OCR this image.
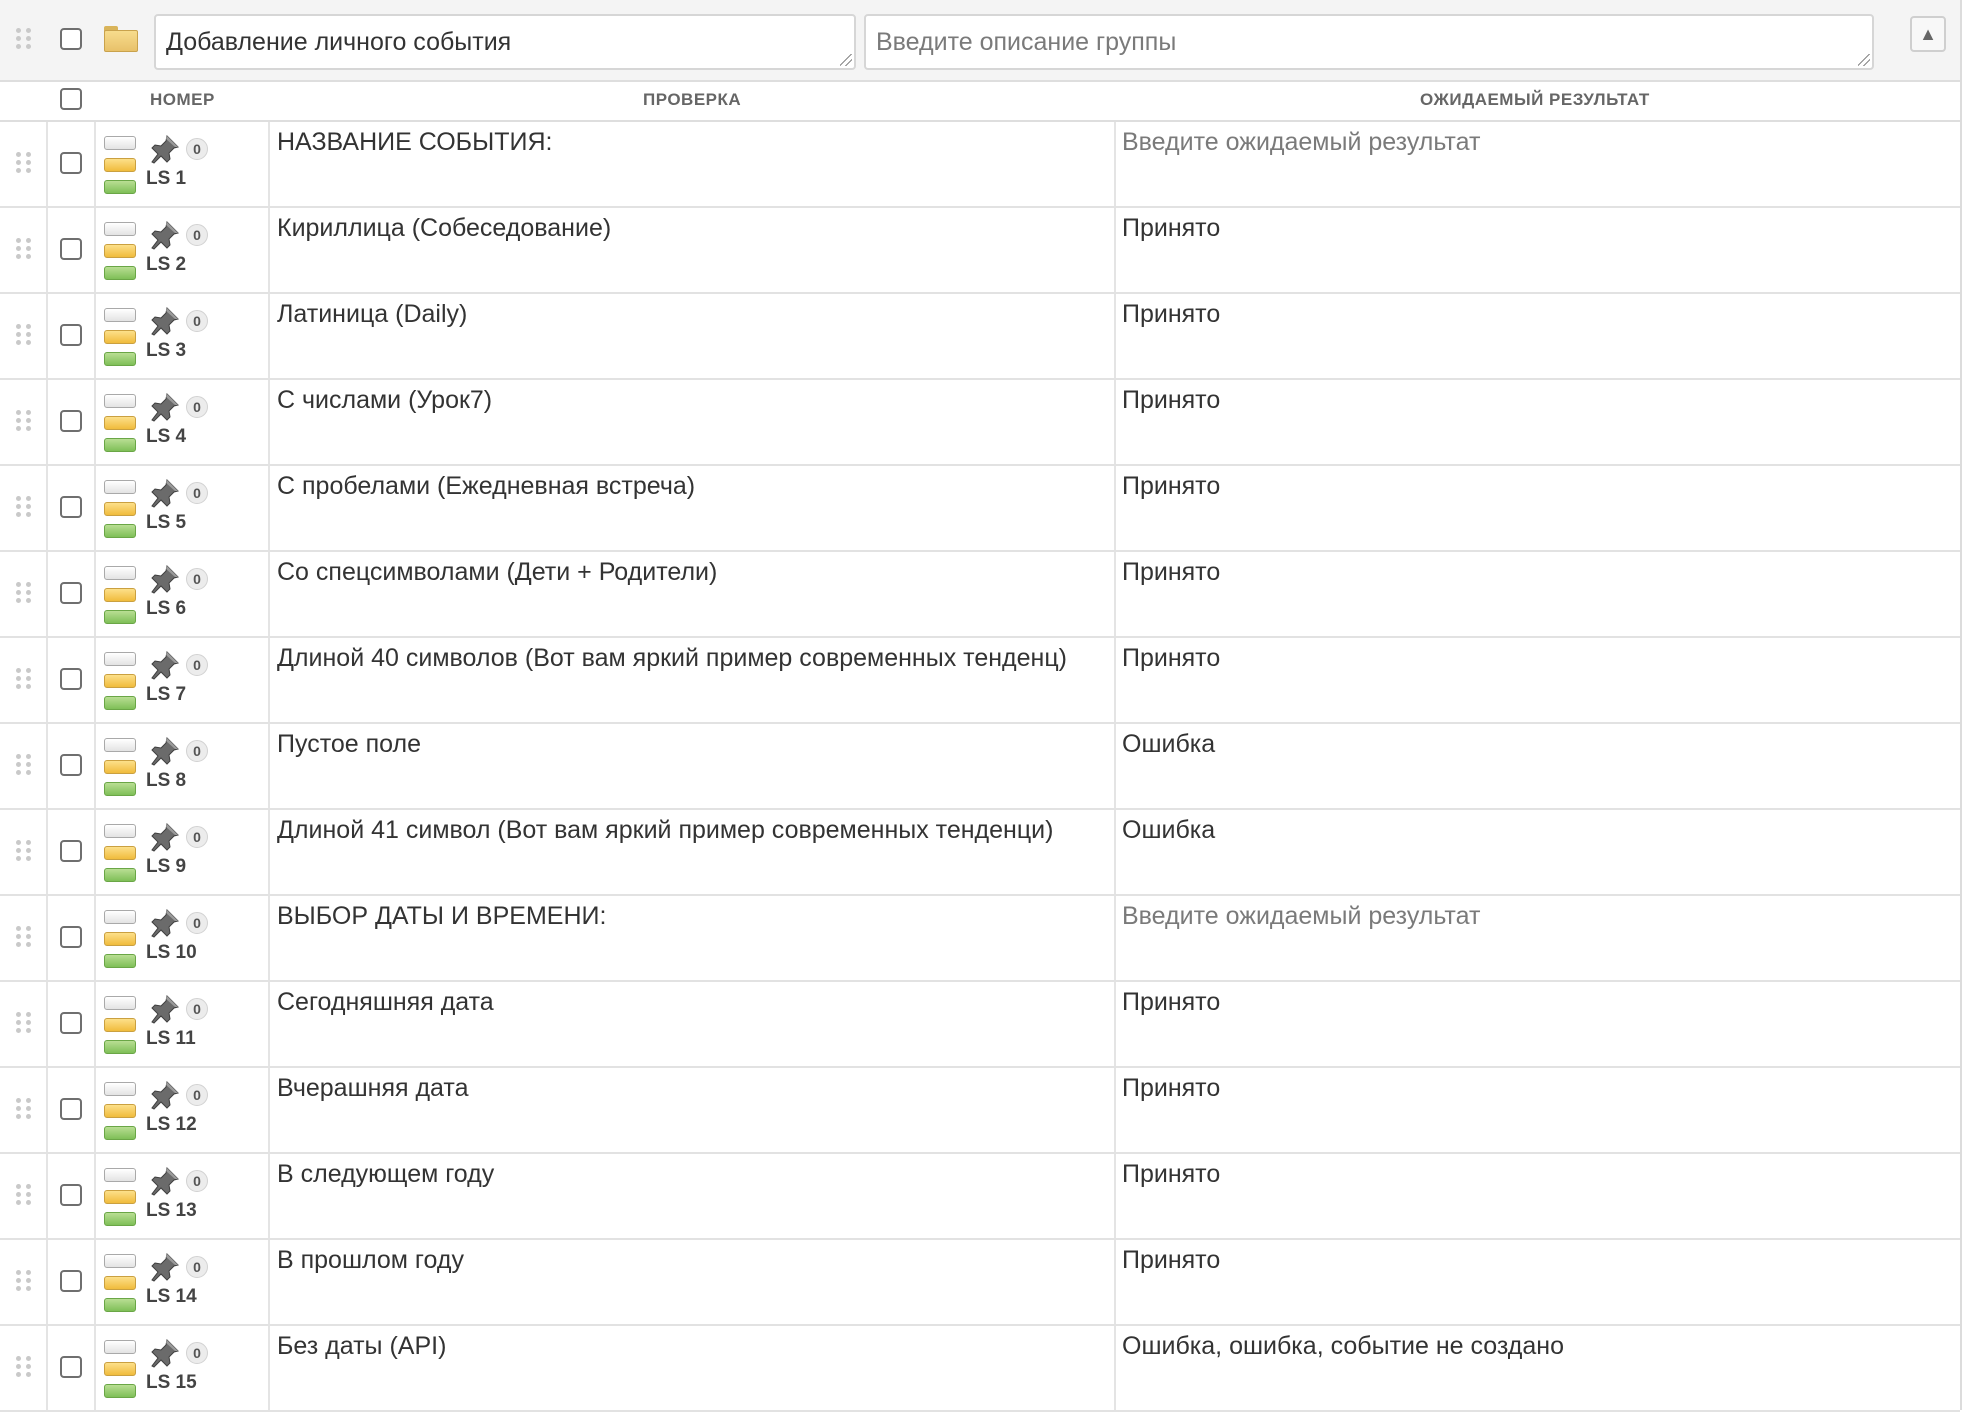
Добавление личного события	Введите описание группы	▲
НОМЕР	ПРОВЕРКА	ОЖИДАЕМЫЙ РЕЗУЛЬТАТ
0
LS 1
НАЗВАНИЕ СОБЫТИЯ:	Введите ожидаемый результат
0
LS 2
Кириллица (Собеседование)	Принято
0
LS 3
Латиница (Daily)	Принято
0
LS 4
С числами (Урок7)	Принято
0
LS 5
С пробелами (Ежедневная встреча)	Принято
0
LS 6
Со спецсимволами (Дети + Родители)	Принято
0
LS 7
Длиной 40 символов (Вот вам яркий пример современных тенденц)	Принято
0
LS 8
Пустое поле	Ошибка
0
LS 9
Длиной 41 символ (Вот вам яркий пример современных тенденци)	Ошибка
0
LS 10
ВЫБОР ДАТЫ И ВРЕМЕНИ:	Введите ожидаемый результат
0
LS 11
Сегодняшняя дата	Принято
0
LS 12
Вчерашняя дата	Принято
0
LS 13
В следующем году	Принято
0
LS 14
В прошлом году	Принято
0
LS 15
Без даты (API)	Ошибка, ошибка, событие не создано
